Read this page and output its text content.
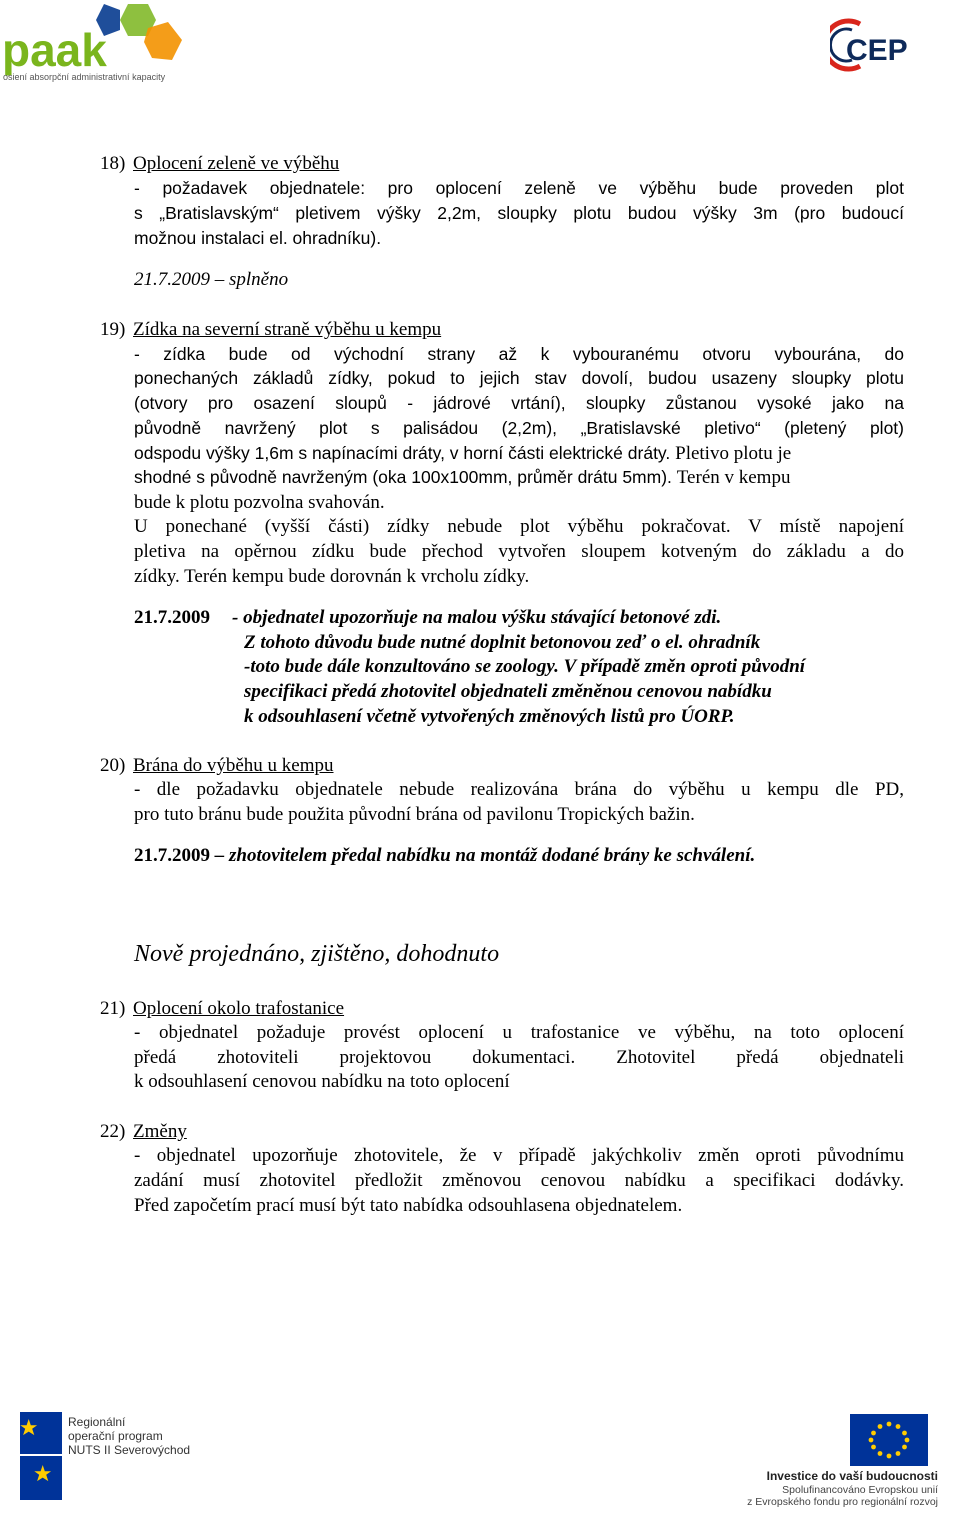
paak
osiení absorpční administrativní kapacity
CEP
18) Oplocení zeleně ve výběhu
- požadavek objednatele: pro oplocení zeleně ve výběhu bude proveden plot
s „Bratislavským“ pletivem výšky 2,2m, sloupky plotu budou výšky 3m (pro budoucí
možnou instalaci el. ohradníku).
21.7.2009 – splněno
19) Zídka na severní straně výběhu u kempu
- zídka bude od východní strany až k vybouranému otvoru vybourána, do
ponechaných základů zídky, pokud to jejich stav dovolí, budou usazeny sloupky plotu
(otvory pro osazení sloupů - jádrové vrtání), sloupky zůstanou vysoké jako na
původně navržený plot s palisádou (2,2m), „Bratislavské pletivo“ (pletený plot)
odspodu výšky 1,6m s napínacími dráty, v horní části elektrické dráty. Pletivo plotu je
shodné s původně navrženým (oka 100x100mm, průměr drátu 5mm). Terén v kempu
bude k plotu pozvolna svahován.
U ponechané (vyšší části) zídky nebude plot výběhu pokračovat. V místě napojení
pletiva na opěrnou zídku bude přechod vytvořen sloupem kotveným do základu a do
zídky. Terén kempu bude dorovnán k vrcholu zídky.
21.7.2009 - objednatel upozorňuje na malou výšku stávající betonové zdi.
Z tohoto důvodu bude nutné doplnit betonovou zeď o el. ohradník
-toto bude dále konzultováno se zoology. V případě změn oproti původní
specifikaci předá zhotovitel objednateli změněnou cenovou nabídku
k odsouhlasení včetně vytvořených změnových listů pro ÚORP.
20) Brána do výběhu u kempu
- dle požadavku objednatele nebude realizována brána do výběhu u kempu dle PD,
pro tuto bránu bude použita původní brána od pavilonu Tropických bažin.
21.7.2009 – zhotovitelem předal nabídku na montáž dodané brány ke schválení.
Nově projednáno, zjištěno, dohodnuto
21) Oplocení okolo trafostanice
- objednatel požaduje provést oplocení u trafostanice ve výběhu, na toto oplocení
předá zhotoviteli projektovou dokumentaci. Zhotovitel předá objednateli
k odsouhlasení cenovou nabídku na toto oplocení
22) Změny
- objednatel upozorňuje zhotovitele, že v případě jakýchkoliv změn oproti původnímu
zadání musí zhotovitel předložit změnovou cenovou nabídku a specifikaci dodávky.
Před započetím prací musí být tato nabídka odsouhlasena objednatelem.
Regionální
operační program
NUTS II Severovýchod
Investice do vaší budoucnosti
Spolufinancováno Evropskou unií
z Evropského fondu pro regionální rozvoj
